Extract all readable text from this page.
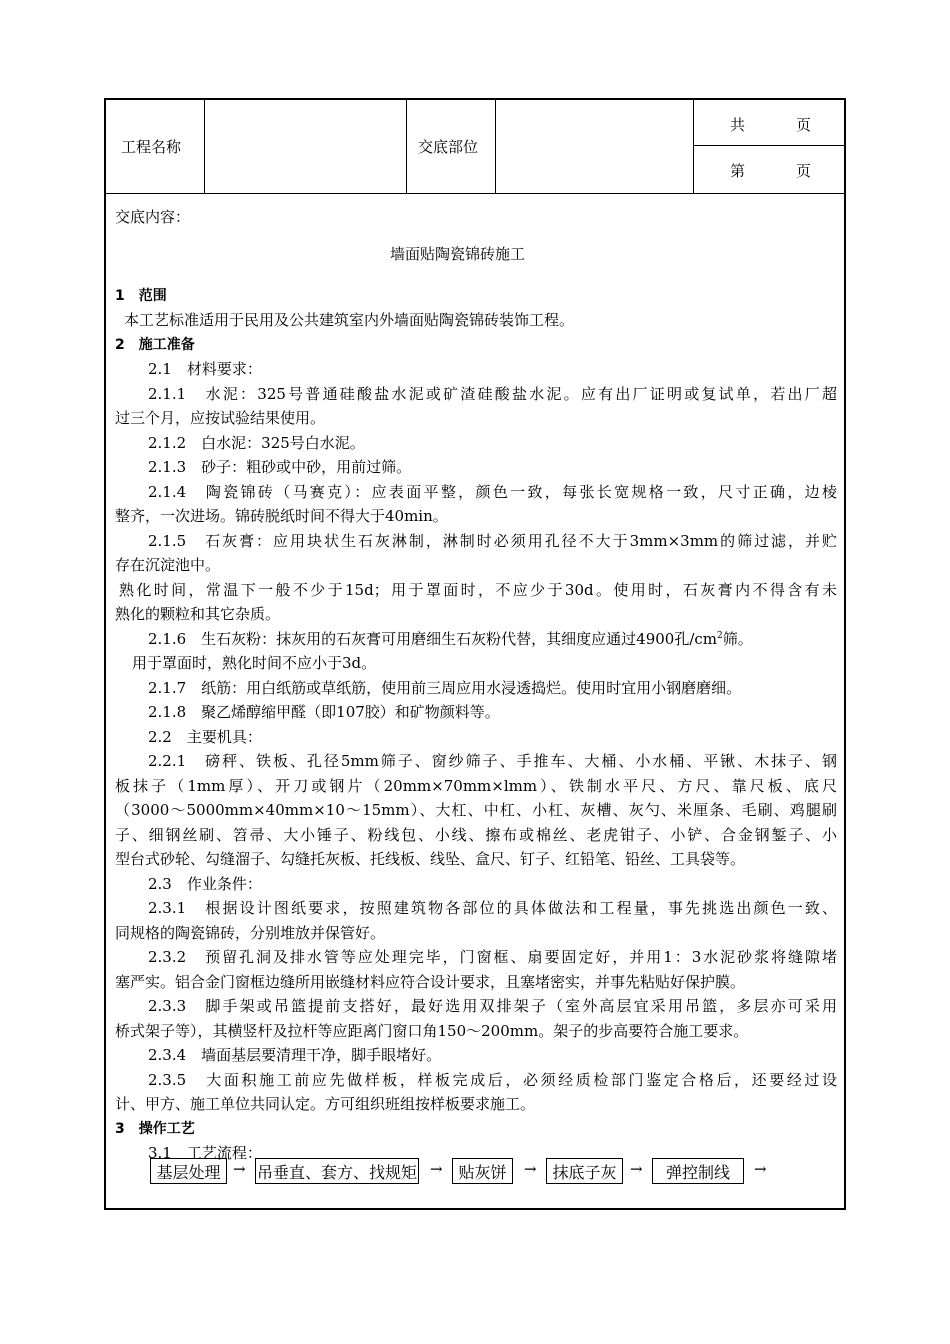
工程名称	交底部位
共	页
第	页
交底内容：
墙面贴陶瓷锦砖施工
1　范围
本工艺标准适用于民用及公共建筑室内外墙面贴陶瓷锦砖装饰工程。
2　施工准备
2.1　材料要求：
2.1.1　水泥：325号普通硅酸盐水泥或矿渣硅酸盐水泥。应有出厂证明或复试单，若出厂超
过三个月，应按试验结果使用。
2.1.2　白水泥：325号白水泥。
2.1.3　砂子：粗砂或中砂，用前过筛。
2.1.4　陶瓷锦砖（马赛克）：应表面平整，颜色一致，每张长宽规格一致，尺寸正确，边棱
整齐，一次进场。锦砖脱纸时间不得大于40min。
2.1.5　石灰膏：应用块状生石灰淋制，淋制时必须用孔径不大于3mm×3mm的筛过滤，并贮
存在沉淀池中。
熟化时间，常温下一般不少于15d；用于罩面时，不应少于30d。使用时，石灰膏内不得含有未
熟化的颗粒和其它杂质。
2.1.6　生石灰粉：抹灰用的石灰膏可用磨细生石灰粉代替，其细度应通过4900孔$/cm^2$筛。
用于罩面时，熟化时间不应小于3d。
2.1.7　纸筋：用白纸筋或草纸筋，使用前三周应用水浸透捣烂。使用时宜用小钢磨磨细。
2.1.8　聚乙烯醇缩甲醛（即107胶）和矿物颜料等。
2.2　主要机具：
2.2.1　磅秤、铁板、孔径5mm筛子、窗纱筛子、手推车、大桶、小水桶、平锹、木抹子、钢
板抹子（1mm厚）、开刀或钢片（20mm×70mm×lmm）、铁制水平尺、方尺、靠尺板、底尺
（3000～5000mm×40mm×10～15mm）、大杠、中杠、小杠、灰槽、灰勺、米厘条、毛刷、鸡腿刷
子、细钢丝刷、笤帚、大小锤子、粉线包、小线、擦布或棉丝、老虎钳子、小铲、合金钢錾子、小
型台式砂轮、勾缝溜子、勾缝托灰板、托线板、线坠、盒尺、钉子、红铅笔、铅丝、工具袋等。
2.3　作业条件：
2.3.1　根据设计图纸要求，按照建筑物各部位的具体做法和工程量，事先挑选出颜色一致、
同规格的陶瓷锦砖，分别堆放并保管好。
2.3.2　预留孔洞及排水管等应处理完毕，门窗框、扇要固定好，并用1：3水泥砂浆将缝隙堵
塞严实。铝合金门窗框边缝所用嵌缝材料应符合设计要求，且塞堵密实，并事先粘贴好保护膜。
2.3.3　脚手架或吊篮提前支搭好，最好选用双排架子（室外高层宜采用吊篮，多层亦可采用
桥式架子等），其横竖杆及拉杆等应距离门窗口角150～200mm。架子的步高要符合施工要求。
2.3.4　墙面基层要清理干净，脚手眼堵好。
2.3.5　大面积施工前应先做样板，样板完成后，必须经质检部门鉴定合格后，还要经过设
计、甲方、施工单位共同认定。方可组织班组按样板要求施工。
3　操作工艺
3.1　工艺流程：
基层处理 → 吊垂直、套方、找规矩 → 贴灰饼	→ 抹底子灰 →	弹控制线	→
